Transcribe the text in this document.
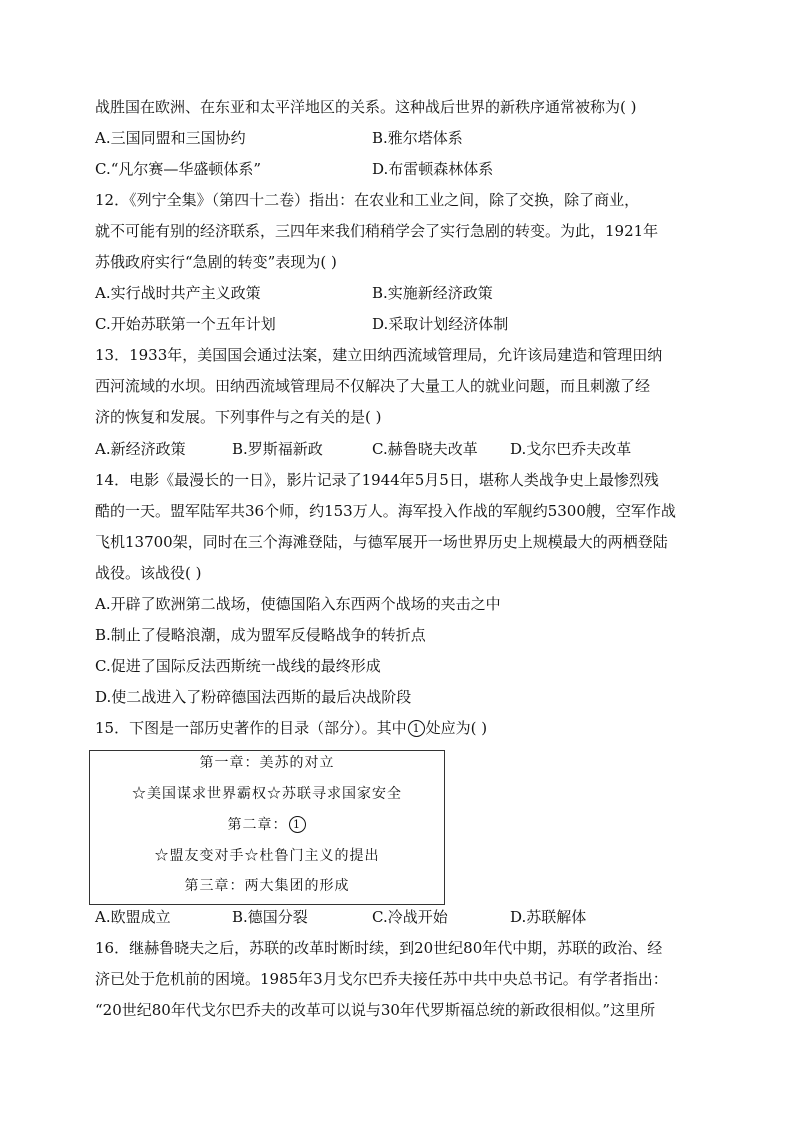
战胜国在欧洲、在东亚和太平洋地区的关系。这种战后世界的新秩序通常被称为( )
A.三国同盟和三国协约	B.雅尔塔体系
C.“凡尔赛—华盛顿体系”	D.布雷顿森林体系
12．《列宁全集》（第四十二卷）指出：在农业和工业之间，除了交换，除了商业，
就不可能有别的经济联系，三四年来我们稍稍学会了实行急剧的转变。为此，1921年
苏俄政府实行“急剧的转变”表现为( )
A.实行战时共产主义政策	B.实施新经济政策
C.开始苏联第一个五年计划	D.采取计划经济体制
13．1933年，美国国会通过法案，建立田纳西流域管理局，允许该局建造和管理田纳
西河流域的水坝。田纳西流域管理局不仅解决了大量工人的就业问题，而且刺激了经
济的恢复和发展。下列事件与之有关的是( )
A.新经济政策	B.罗斯福新政	C.赫鲁晓夫改革 D.戈尔巴乔夫改革
14．电影《最漫长的一日》，影片记录了1944年5月5日，堪称人类战争史上最惨烈残
酷的一天。盟军陆军共36个师，约153万人。海军投入作战的军舰约5300艘，空军作战
飞机13700架，同时在三个海滩登陆，与德军展开一场世界历史上规模最大的两栖登陆
战役。该战役( )
A.开辟了欧洲第二战场，使德国陷入东西两个战场的夹击之中
B.制止了侵略浪潮，成为盟军反侵略战争的转折点
C.促进了国际反法西斯统一战线的最终形成
D.使二战进入了粉碎德国法西斯的最后决战阶段
15．下图是一部历史著作的目录（部分）。其中 1 处应为( )
第一章：美苏的对立
☆美国谋求世界霸权☆苏联寻求国家安全
第二章： 1
☆盟友变对手☆杜鲁门主义的提出
第三章：两大集团的形成
A.欧盟成立	B.德国分裂	C.冷战开始	D.苏联解体
16．继赫鲁晓夫之后，苏联的改革时断时续，到20世纪80年代中期，苏联的政治、经
济已处于危机前的困境。1985年3月戈尔巴乔夫接任苏中共中央总书记。有学者指出：
“20世纪80年代戈尔巴乔夫的改革可以说与30年代罗斯福总统的新政很相似。”这里所
